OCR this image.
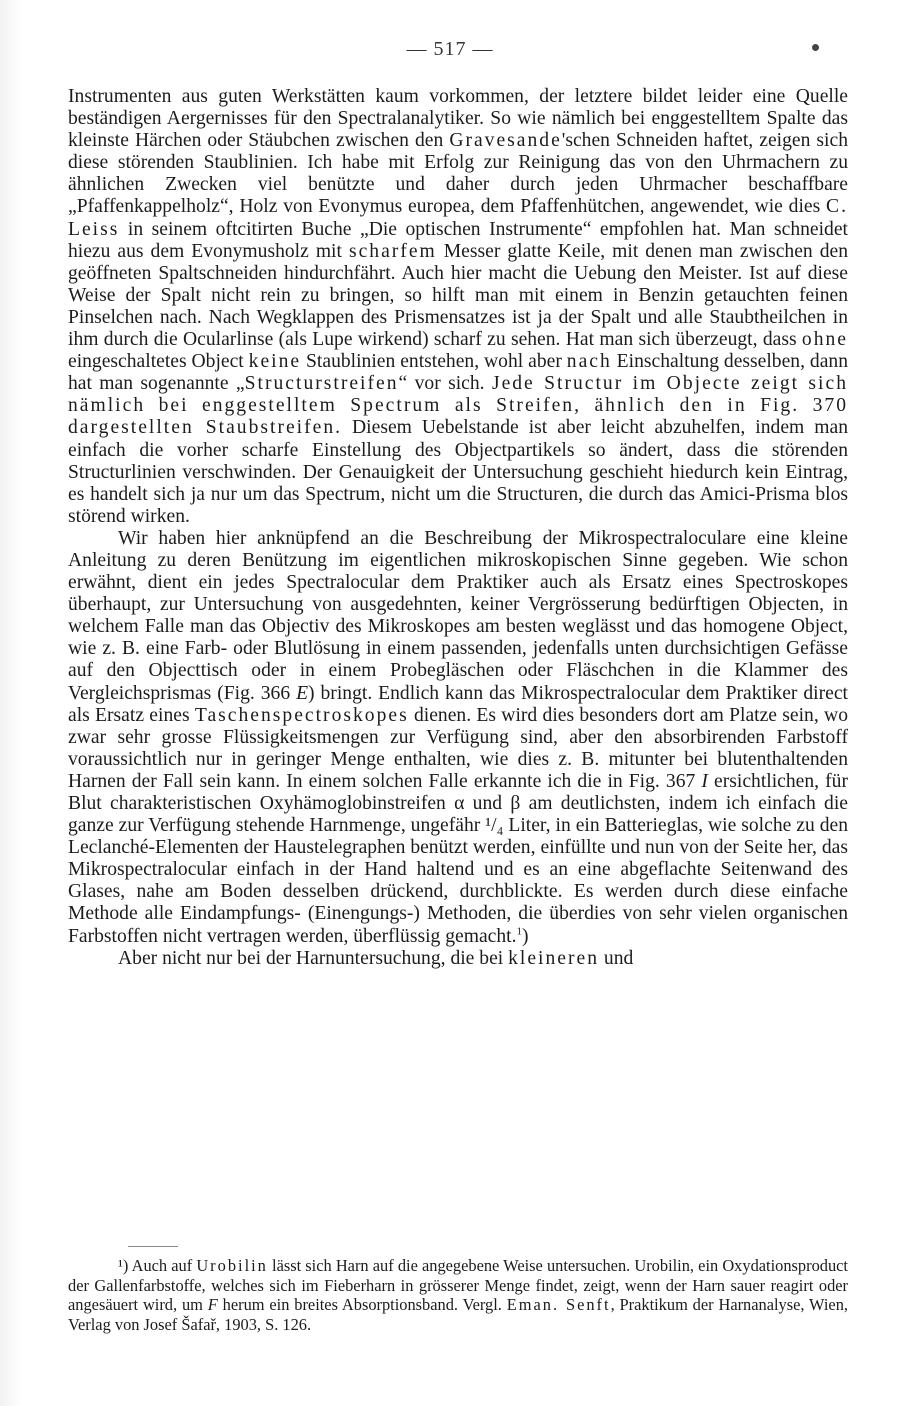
— 517 —

Instrumenten aus guten Werkstätten kaum vorkommen, der letztere bildet leider eine Quelle beständigen Aergernisses für den Spectralanalytiker. So wie nämlich bei enggestelltem Spalte das kleinste Härchen oder Stäubchen zwischen den Gravesande'schen Schneiden haftet, zeigen sich diese störenden Staublinien. Ich habe mit Erfolg zur Reinigung das von den Uhrmachern zu ähnlichen Zwecken viel benützte und daher durch jeden Uhrmacher beschaffbare „Pfaffenkappelholz“, Holz von Evonymus europea, dem Pfaffenhütchen, angewendet, wie dies C. Leiss in seinem oftcitirten Buche „Die optischen Instrumente“ empfohlen hat. Man schneidet hiezu aus dem Evonymusholz mit scharfem Messer glatte Keile, mit denen man zwischen den geöffneten Spaltschneiden hindurchfährt. Auch hier macht die Uebung den Meister. Ist auf diese Weise der Spalt nicht rein zu bringen, so hilft man mit einem in Benzin getauchten feinen Pinselchen nach. Nach Wegklappen des Prismensatzes ist ja der Spalt und alle Staubtheilchen in ihm durch die Ocularlinse (als Lupe wirkend) scharf zu sehen. Hat man sich überzeugt, dass ohne eingeschaltetes Object keine Staublinien entstehen, wohl aber nach Einschaltung desselben, dann hat man sogenannte „Structurstreifen“ vor sich. Jede Structur im Objecte zeigt sich nämlich bei enggestelltem Spectrum als Streifen, ähnlich den in Fig. 370 dargestellten Staubstreifen. Diesem Uebelstande ist aber leicht abzuhelfen, indem man einfach die vorher scharfe Einstellung des Objectpartikels so ändert, dass die störenden Structurlinien verschwinden. Der Genauigkeit der Untersuchung geschieht hiedurch kein Eintrag, es handelt sich ja nur um das Spectrum, nicht um die Structuren, die durch das Amici-Prisma blos störend wirken.

Wir haben hier anknüpfend an die Beschreibung der Mikrospectraloculare eine kleine Anleitung zu deren Benützung im eigentlichen mikroskopischen Sinne gegeben. Wie schon erwähnt, dient ein jedes Spectralocular dem Praktiker auch als Ersatz eines Spectroskopes überhaupt, zur Untersuchung von ausgedehnten, keiner Vergrösserung bedürftigen Objecten, in welchem Falle man das Objectiv des Mikroskopes am besten weglässt und das homogene Object, wie z. B. eine Farb- oder Blutlösung in einem passenden, jedenfalls unten durchsichtigen Gefässe auf den Objecttisch oder in einem Probegläschen oder Fläschchen in die Klammer des Vergleichsprismas (Fig. 366 E) bringt. Endlich kann das Mikrospectralocular dem Praktiker direct als Ersatz eines Taschenspectroskopes dienen. Es wird dies besonders dort am Platze sein, wo zwar sehr grosse Flüssigkeitsmengen zur Verfügung sind, aber den absorbirenden Farbstoff voraussichtlich nur in geringer Menge enthalten, wie dies z. B. mitunter bei blutenthaltenden Harnen der Fall sein kann. In einem solchen Falle erkannte ich die in Fig. 367 I ersichtlichen, für Blut charakteristischen Oxyhämoglobinstreifen α und β am deutlichsten, indem ich einfach die ganze zur Verfügung stehende Harnmenge, ungefähr ¹/₄ Liter, in ein Batterieglas, wie solche zu den Leclanché-Elementen der Haustelegraphen benützt werden, einfüllte und nun von der Seite her, das Mikrospectralocular einfach in der Hand haltend und es an eine abgeflachte Seitenwand des Glases, nahe am Boden desselben drückend, durchblickte. Es werden durch diese einfache Methode alle Eindampfungs- (Einengungs-) Methoden, die überdies von sehr vielen organischen Farbstoffen nicht vertragen werden, überflüssig gemacht.$^1$)

Aber nicht nur bei der Harnuntersuchung, die bei kleineren und

¹) Auch auf Urobilin lässt sich Harn auf die angegebene Weise untersuchen. Urobilin, ein Oxydationsproduct der Gallenfarbstoffe, welches sich im Fieberharn in grösserer Menge findet, zeigt, wenn der Harn sauer reagirt oder angesäuert wird, um F herum ein breites Absorptionsband. Vergl. Eman. Senft, Praktikum der Harnanalyse, Wien, Verlag von Josef Šafař, 1903, S. 126.
